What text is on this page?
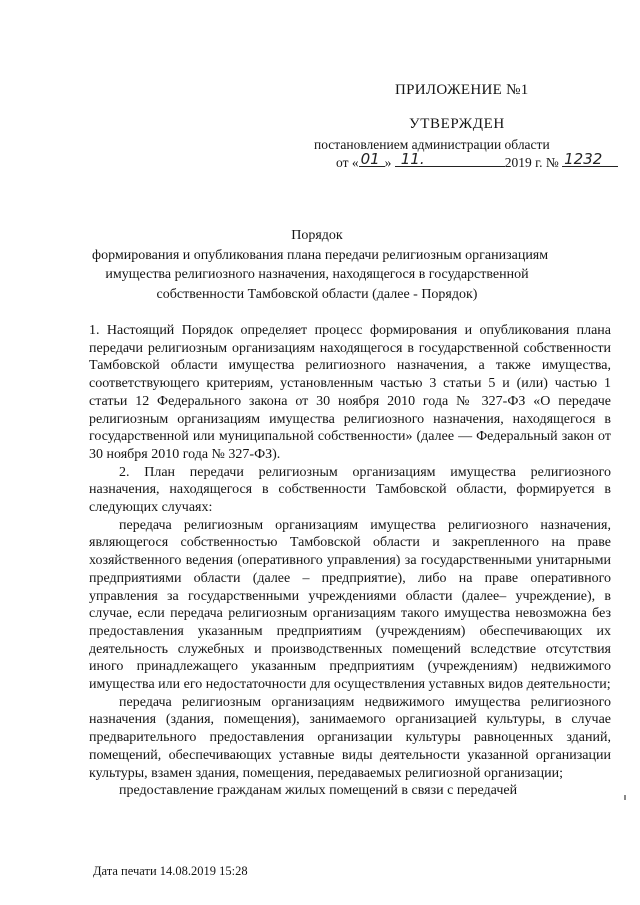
ПРИЛОЖЕНИЕ №1
УТВЕРЖДЕН
постановлением администрации области
от « 01 » 11.	2019 г. № 1232
Порядок
формирования и опубликования плана передачи религиозным организациям
имущества религиозного назначения, находящегося в государственной
собственности Тамбовской области (далее - Порядок)

1. Настоящий Порядок определяет процесс формирования и опубликования плана передачи религиозным организациям находящегося в государственной собственности Тамбовской области имущества религиозного назначения, а также имущества, соответствующего критериям, установленным частью 3 статьи 5 и (или) частью 1 статьи 12 Федерального закона от 30 ноября 2010 года № 327-ФЗ «О передаче религиозным организациям имущества религиозного назначения, находящегося в государственной или муниципальной собственности» (далее — Федеральный закон от 30 ноября 2010 года № 327-ФЗ).

2. План передачи религиозным организациям имущества религиозного назначения, находящегося в собственности Тамбовской области, формируется в следующих случаях:

передача религиозным организациям имущества религиозного назначения, являющегося собственностью Тамбовской области и закрепленного на праве хозяйственного ведения (оперативного управления) за государственными унитарными предприятиями области (далее – предприятие), либо на праве оперативного управления за государственными учреждениями области (далее– учреждение), в случае, если передача религиозным организациям такого имущества невозможна без предоставления указанным предприятиям (учреждениям) обеспечивающих их деятельность служебных и производственных помещений вследствие отсутствия иного принадлежащего указанным предприятиям (учреждениям) недвижимого имущества или его недостаточности для осуществления уставных видов деятельности;

передача религиозным организациям недвижимого имущества религиозного назначения (здания, помещения), занимаемого организацией культуры, в случае предварительного предоставления организации культуры равноценных зданий, помещений, обеспечивающих уставные виды деятельности указанной организации культуры, взамен здания, помещения, передаваемых религиозной организации;

предоставление гражданам жилых помещений в связи с передачей

Дата печати 14.08.2019 15:28
